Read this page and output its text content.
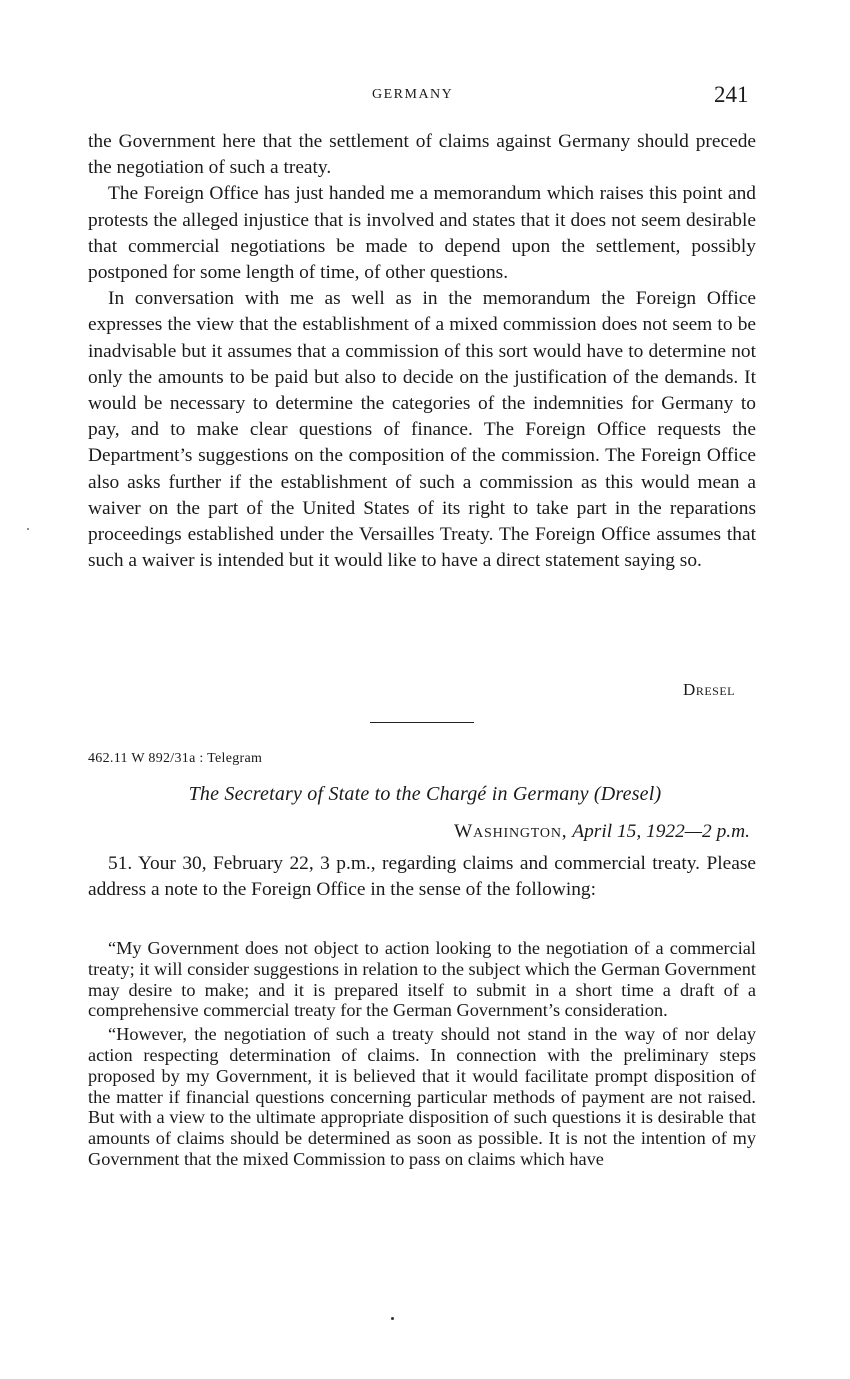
GERMANY	241

the Government here that the settlement of claims against Germany should precede the negotiation of such a treaty.

The Foreign Office has just handed me a memorandum which raises this point and protests the alleged injustice that is involved and states that it does not seem desirable that commercial negotiations be made to depend upon the settlement, possibly postponed for some length of time, of other questions.

In conversation with me as well as in the memorandum the Foreign Office expresses the view that the establishment of a mixed commission does not seem to be inadvisable but it assumes that a commission of this sort would have to determine not only the amounts to be paid but also to decide on the justification of the demands. It would be necessary to determine the categories of the indemnities for Germany to pay, and to make clear questions of finance. The Foreign Office requests the Department’s suggestions on the composition of the commission. The Foreign Office also asks further if the establishment of such a commission as this would mean a waiver on the part of the United States of its right to take part in the reparations proceedings established under the Versailles Treaty. The Foreign Office assumes that such a waiver is intended but it would like to have a direct statement saying so.

Dresel
462.11 W 892/31a : Telegram
The Secretary of State to the Chargé in Germany (Dresel)
Washington, April 15, 1922—2 p.m.

51. Your 30, February 22, 3 p.m., regarding claims and commercial treaty. Please address a note to the Foreign Office in the sense of the following:

“My Government does not object to action looking to the negotiation of a commercial treaty; it will consider suggestions in relation to the subject which the German Government may desire to make; and it is prepared itself to submit in a short time a draft of a comprehensive commercial treaty for the German Government’s consideration.

“However, the negotiation of such a treaty should not stand in the way of nor delay action respecting determination of claims. In connection with the preliminary steps proposed by my Government, it is believed that it would facilitate prompt disposition of the matter if financial questions concerning particular methods of payment are not raised. But with a view to the ultimate appropriate disposition of such questions it is desirable that amounts of claims should be determined as soon as possible. It is not the intention of my Government that the mixed Commission to pass on claims which have
